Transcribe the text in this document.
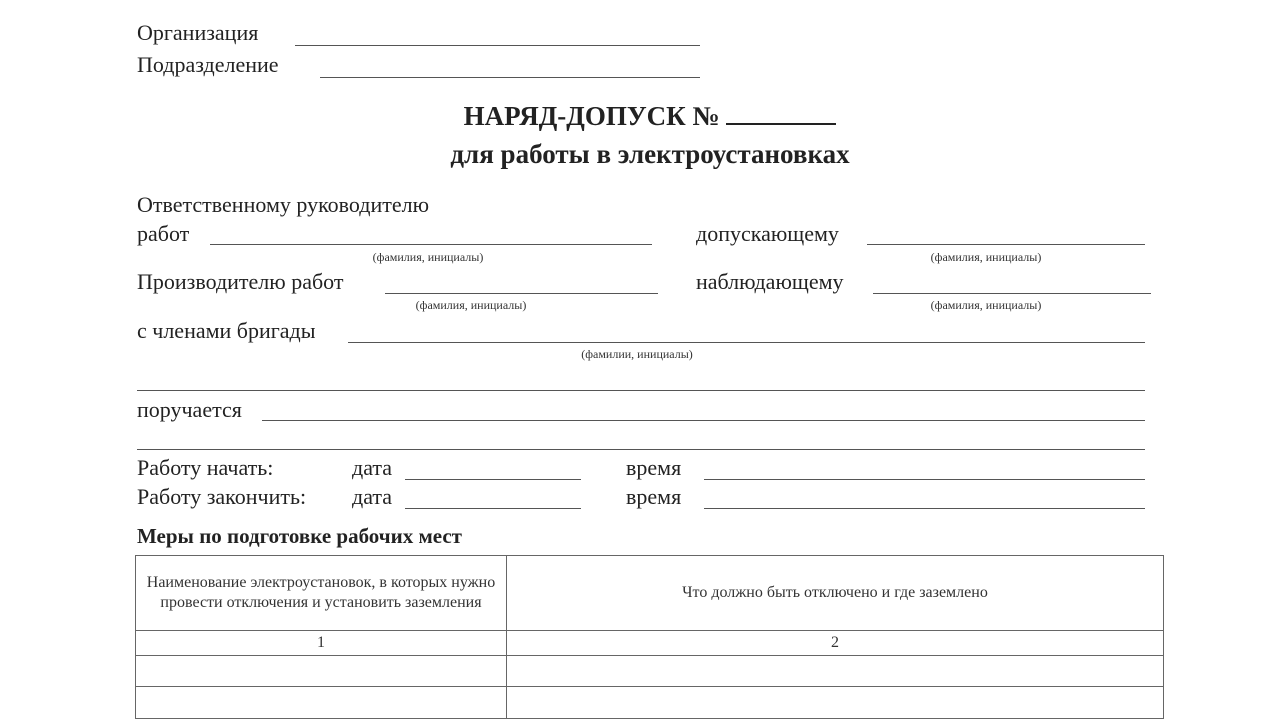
Организация
Подразделение
НАРЯД-ДОПУСК №
для работы в электроустановках
Ответственному руководителю
работ
(фамилия, инициалы)
допускающему
(фамилия, инициалы)
Производителю работ
(фамилия, инициалы)
наблюдающему
(фамилия, инициалы)
с членами бригады
(фамилии, инициалы)
поручается
Работу начать:	дата	время
Работу закончить: дата	время
Меры по подготовке рабочих мест
Наименование электроустановок, в которых нужно провести отключения и установить заземления	Что должно быть отключено и где заземлено
1	2
